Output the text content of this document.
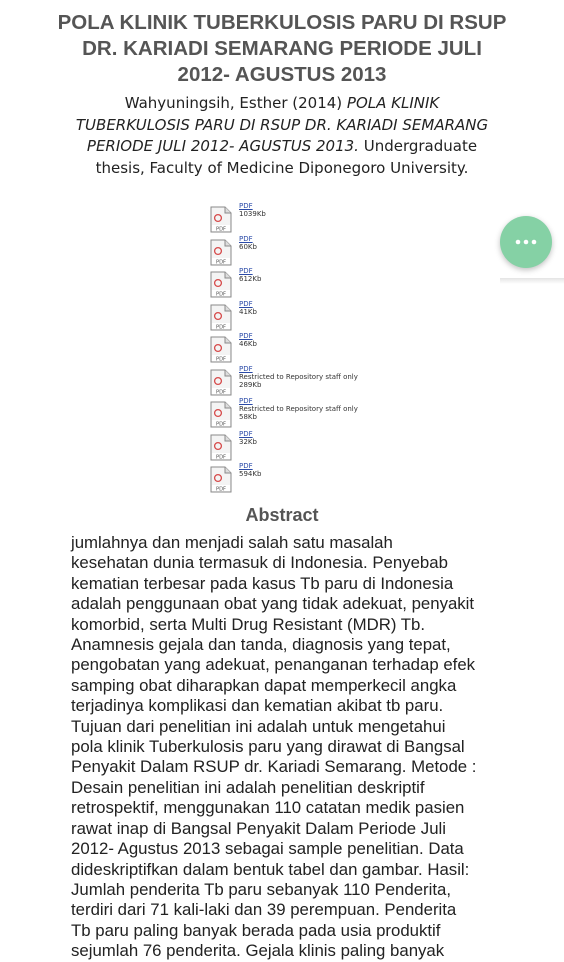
POLA KLINIK TUBERKULOSIS PARU DI RSUP DR. KARIADI SEMARANG PERIODE JULI 2012- AGUSTUS 2013
Wahyuningsih, Esther (2014) POLA KLINIK TUBERKULOSIS PARU DI RSUP DR. KARIADI SEMARANG PERIODE JULI 2012- AGUSTUS 2013. Undergraduate thesis, Faculty of Medicine Diponegoro University.
PDF
PDF
1039Kb
PDF
PDF
60Kb
PDF
PDF
612Kb
PDF
PDF
41Kb
PDF
PDF
46Kb
PDF
PDF
Restricted to Repository staff only
289Kb
PDF
PDF
Restricted to Repository staff only
58Kb
PDF
PDF
32Kb
PDF
PDF
594Kb
Abstract
jumlahnya dan menjadi salah satu masalah
kesehatan dunia termasuk di Indonesia. Penyebab
kematian terbesar pada kasus Tb paru di Indonesia
adalah penggunaan obat yang tidak adekuat, penyakit
komorbid, serta Multi Drug Resistant (MDR) Tb.
Anamnesis gejala dan tanda, diagnosis yang tepat,
pengobatan yang adekuat, penanganan terhadap efek
samping obat diharapkan dapat memperkecil angka
terjadinya komplikasi dan kematian akibat tb paru.
Tujuan dari penelitian ini adalah untuk mengetahui
pola klinik Tuberkulosis paru yang dirawat di Bangsal
Penyakit Dalam RSUP dr. Kariadi Semarang. Metode :
Desain penelitian ini adalah penelitian deskriptif
retrospektif, menggunakan 110 catatan medik pasien
rawat inap di Bangsal Penyakit Dalam Periode Juli
2012- Agustus 2013 sebagai sample penelitian. Data
dideskriptifkan dalam bentuk tabel dan gambar. Hasil:
Jumlah penderita Tb paru sebanyak 110 Penderita,
terdiri dari 71 kali-laki dan 39 perempuan. Penderita
Tb paru paling banyak berada pada usia produktif
sejumlah 76 penderita. Gejala klinis paling banyak
